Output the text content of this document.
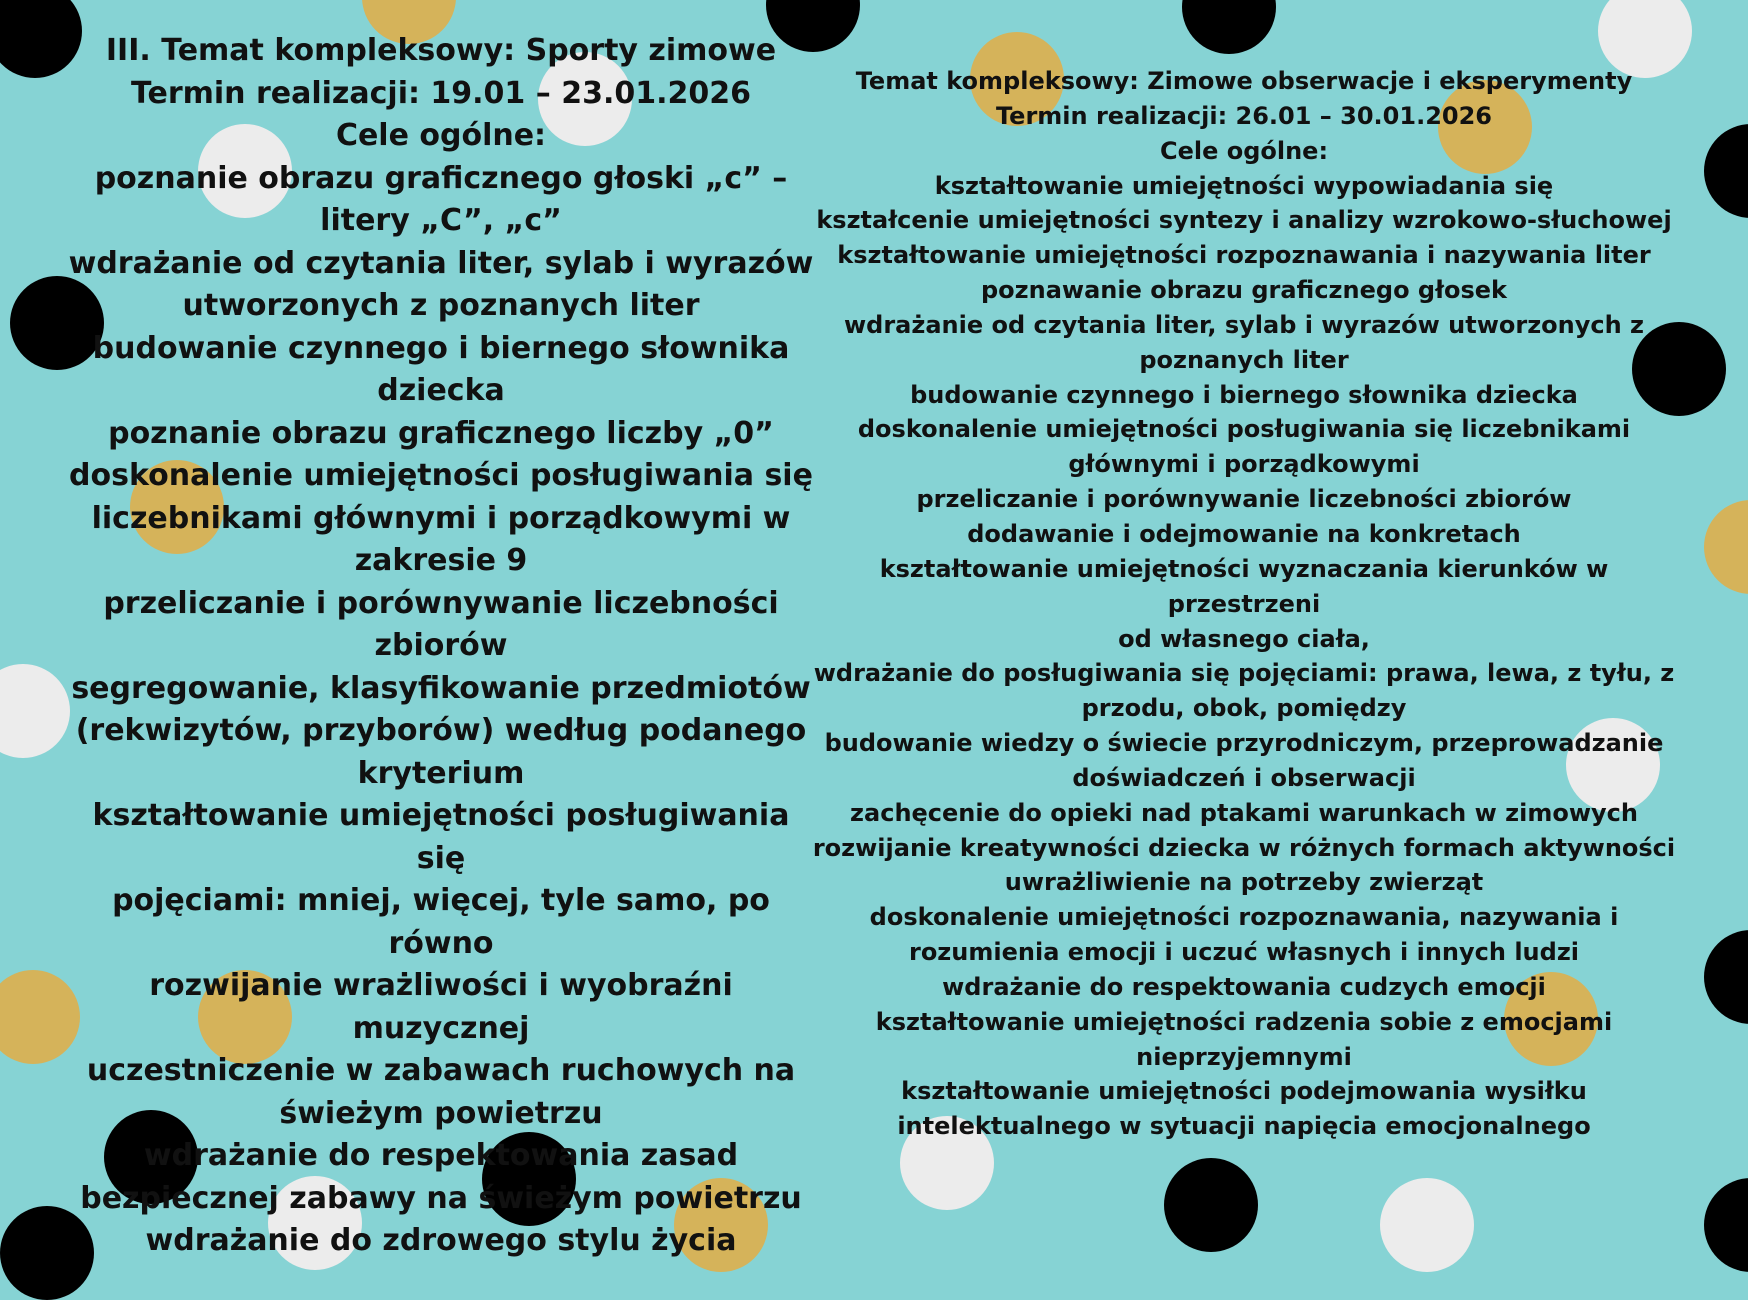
III. Temat kompleksowy: Sporty zimowe
Termin realizacji: 19.01 – 23.01.2026
Cele ogólne:
poznanie obrazu graficznego głoski „c” –
litery „C”, „c”
wdrażanie od czytania liter, sylab i wyrazów
utworzonych z poznanych liter
budowanie czynnego i biernego słownika
dziecka
poznanie obrazu graficznego liczby „0”
doskonalenie umiejętności posługiwania się
liczebnikami głównymi i porządkowymi w
zakresie 9
przeliczanie i porównywanie liczebności
zbiorów
segregowanie, klasyfikowanie przedmiotów
(rekwizytów, przyborów) według podanego
kryterium
kształtowanie umiejętności posługiwania się
pojęciami: mniej, więcej, tyle samo, po równo
rozwijanie wrażliwości i wyobraźni muzycznej
uczestniczenie w zabawach ruchowych na
świeżym powietrzu
wdrażanie do respektowania zasad
bezpiecznej zabawy na świeżym powietrzu
wdrażanie do zdrowego stylu życia
Temat kompleksowy: Zimowe obserwacje i eksperymenty
Termin realizacji: 26.01 – 30.01.2026
Cele ogólne:
kształtowanie umiejętności wypowiadania się
kształcenie umiejętności syntezy i analizy wzrokowo-słuchowej
kształtowanie umiejętności rozpoznawania i nazywania liter
poznawanie obrazu graficznego głosek
wdrażanie od czytania liter, sylab i wyrazów utworzonych z
poznanych liter
budowanie czynnego i biernego słownika dziecka
doskonalenie umiejętności posługiwania się liczebnikami
głównymi i porządkowymi
przeliczanie i porównywanie liczebności zbiorów
dodawanie i odejmowanie na konkretach
kształtowanie umiejętności wyznaczania kierunków w przestrzeni
od własnego ciała,
wdrażanie do posługiwania się pojęciami: prawa, lewa, z tyłu, z
przodu, obok, pomiędzy
budowanie wiedzy o świecie przyrodniczym, przeprowadzanie
doświadczeń i obserwacji
zachęcenie do opieki nad ptakami warunkach w zimowych
rozwijanie kreatywności dziecka w różnych formach aktywności
uwrażliwienie na potrzeby zwierząt
doskonalenie umiejętności rozpoznawania, nazywania i
rozumienia emocji i uczuć własnych i innych ludzi
wdrażanie do respektowania cudzych emocji
kształtowanie umiejętności radzenia sobie z emocjami
nieprzyjemnymi
kształtowanie umiejętności podejmowania wysiłku
intelektualnego w sytuacji napięcia emocjonalnego
